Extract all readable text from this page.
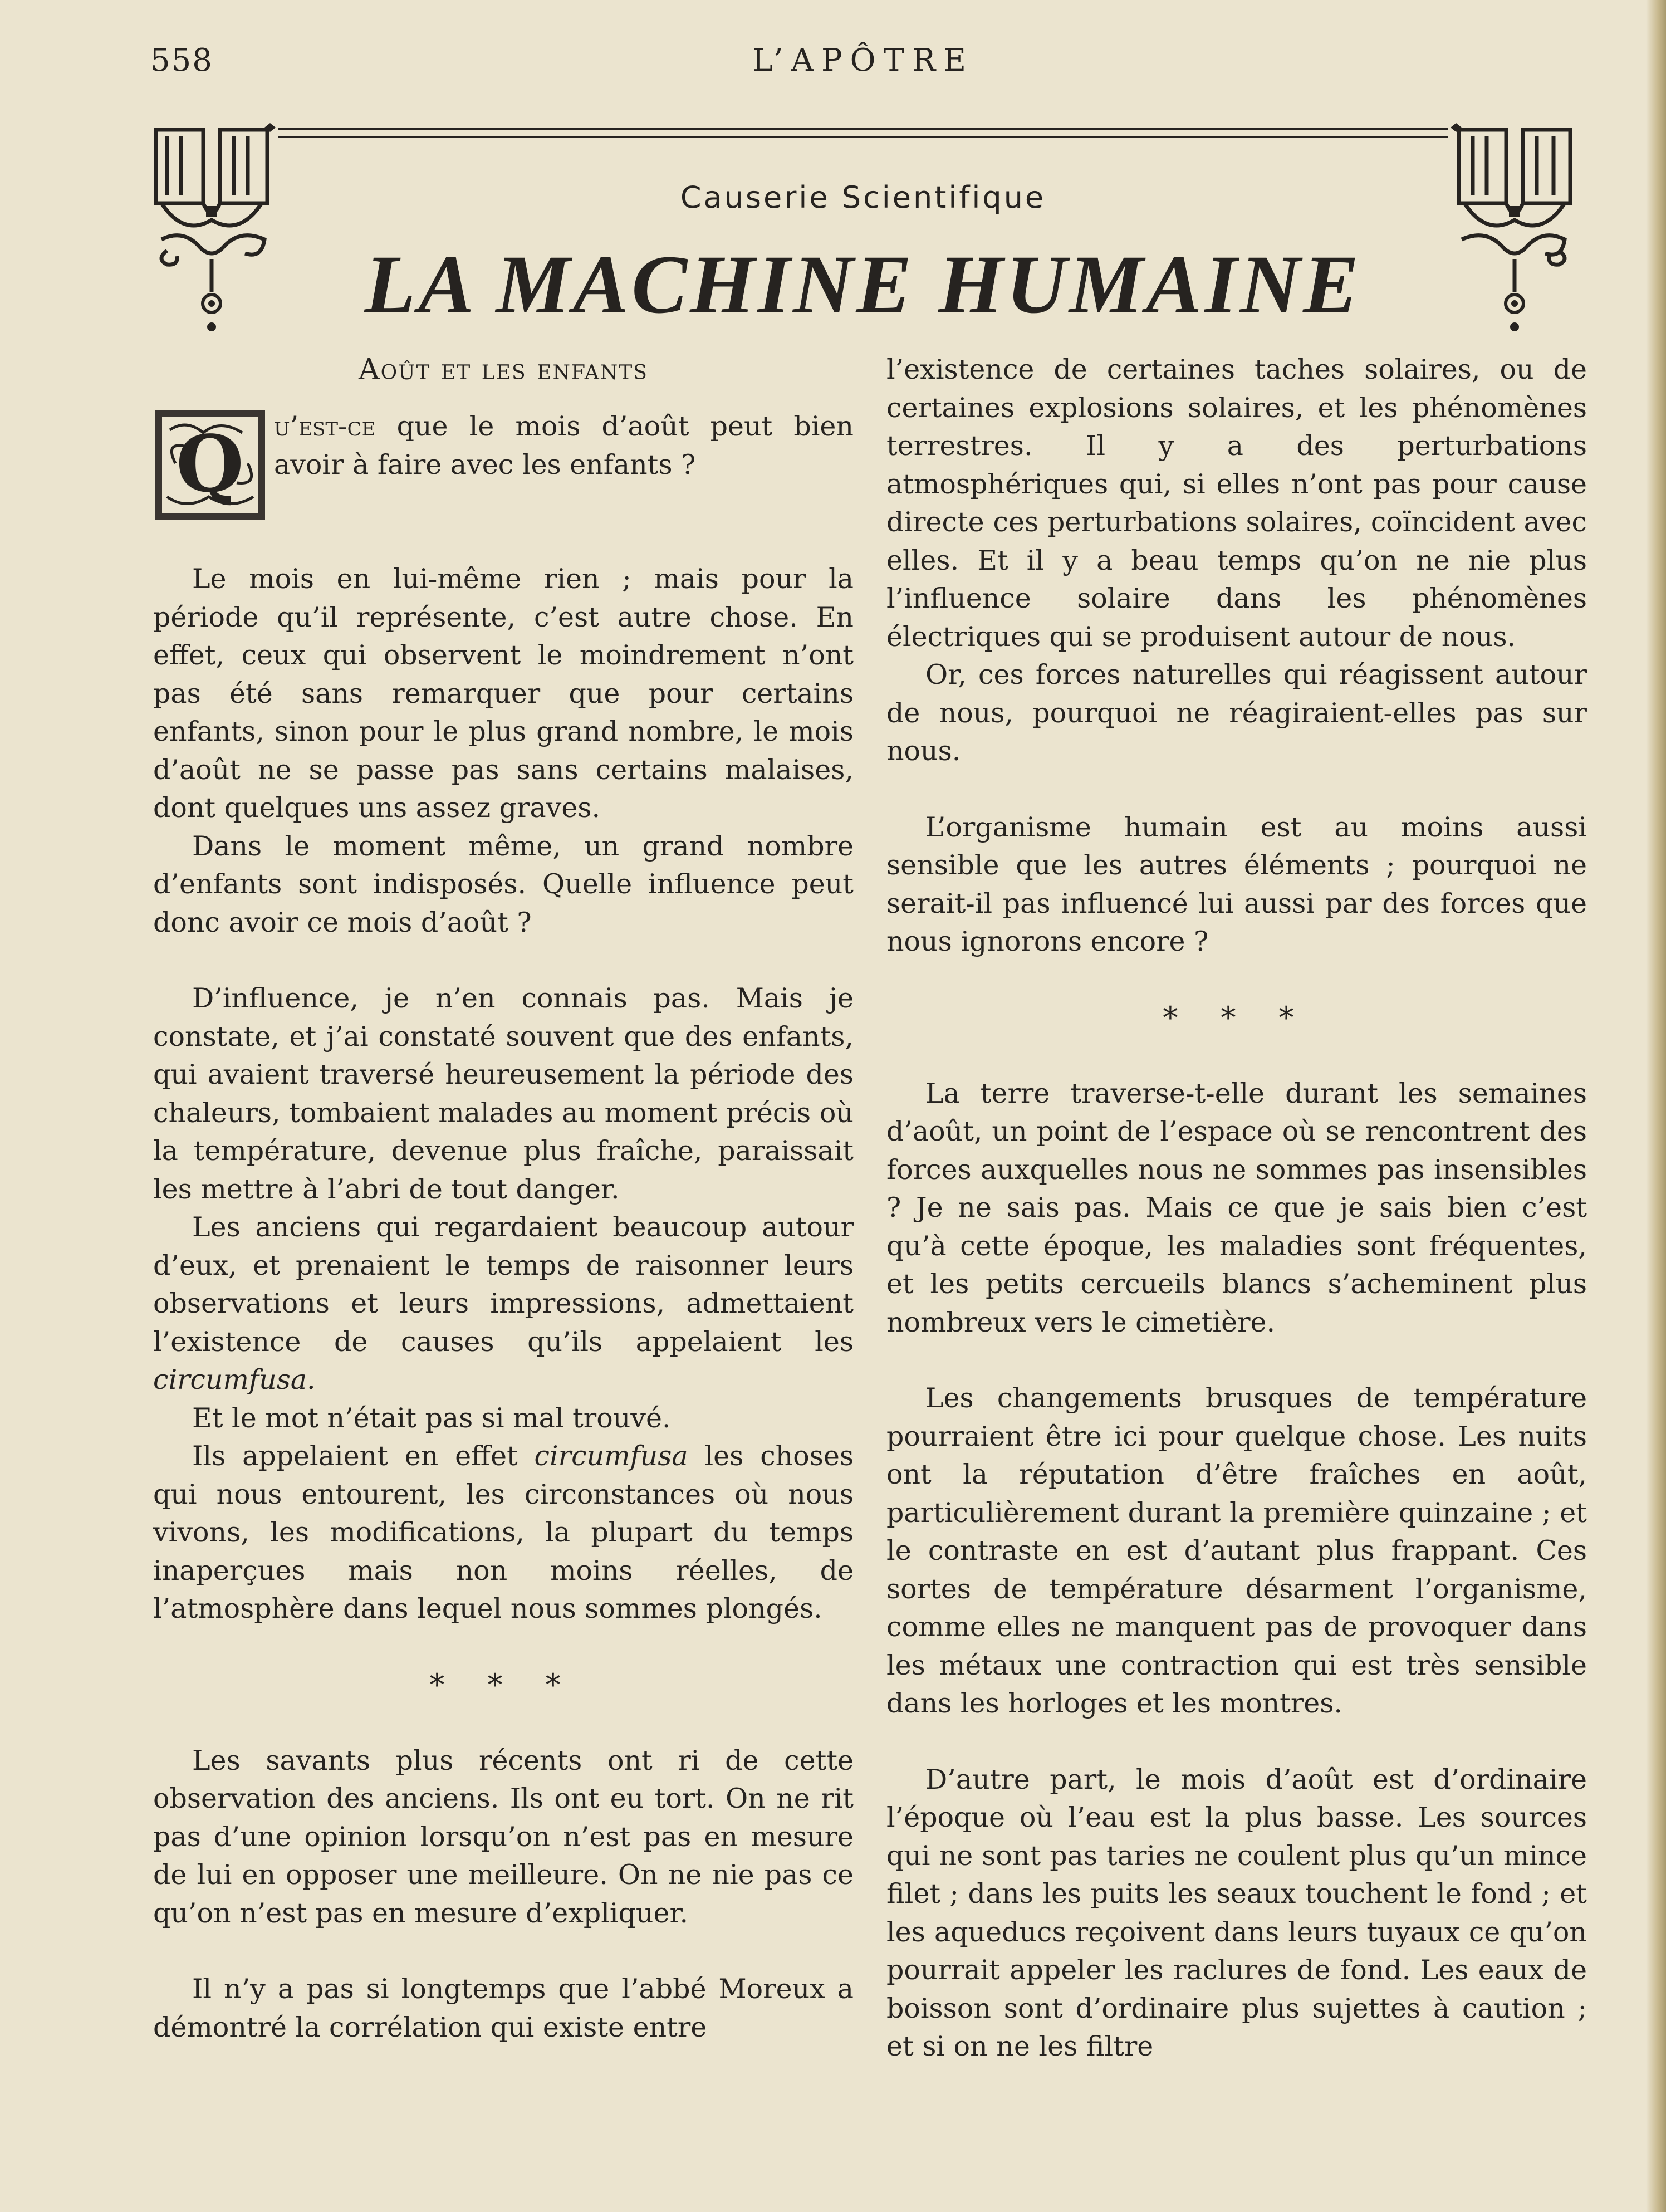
558	L’APÔTRE
Causerie Scientifique
LA MACHINE HUMAINE
Août et les enfants
Q	u’est-ce que le mois d’août peut bien avoir à faire avec les enfants ?

Le mois en lui-même rien ; mais pour la période qu’il représente, c’est autre chose. En effet, ceux qui observent le moindrement n’ont pas été sans remarquer que pour certains enfants, sinon pour le plus grand nombre, le mois d’août ne se passe pas sans certains malaises, dont quelques uns assez graves.

Dans le moment même, un grand nombre d’enfants sont indisposés. Quelle influence peut donc avoir ce mois d’août ?

D’influence, je n’en connais pas. Mais je constate, et j’ai constaté souvent que des enfants, qui avaient traversé heureusement la période des chaleurs, tombaient malades au moment précis où la température, devenue plus fraîche, paraissait les mettre à l’abri de tout danger.

Les anciens qui regardaient beaucoup autour d’eux, et prenaient le temps de raisonner leurs observations et leurs impressions, admettaient l’existence de causes qu’ils appelaient les circumfusa.

Et le mot n’était pas si mal trouvé.

Ils appelaient en effet circumfusa les choses qui nous entourent, les circonstances où nous vivons, les modifications, la plupart du temps inaperçues mais non moins réelles, de l’atmosphère dans lequel nous sommes plongés.

* * *

Les savants plus récents ont ri de cette observation des anciens. Ils ont eu tort. On ne rit pas d’une opinion lorsqu’on n’est pas en mesure de lui en opposer une meilleure. On ne nie pas ce qu’on n’est pas en mesure d’expliquer.

Il n’y a pas si longtemps que l’abbé Moreux a démontré la corrélation qui existe entre

l’existence de certaines taches solaires, ou de certaines explosions solaires, et les phénomènes terrestres. Il y a des perturbations atmosphériques qui, si elles n’ont pas pour cause directe ces perturbations solaires, coïncident avec elles. Et il y a beau temps qu’on ne nie plus l’influence solaire dans les phénomènes électriques qui se produisent autour de nous.

Or, ces forces naturelles qui réagissent autour de nous, pourquoi ne réagiraient-elles pas sur nous.

L’organisme humain est au moins aussi sensible que les autres éléments ; pourquoi ne serait-il pas influencé lui aussi par des forces que nous ignorons encore ?

* * *

La terre traverse-t-elle durant les semaines d’août, un point de l’espace où se rencontrent des forces auxquelles nous ne sommes pas insensibles ? Je ne sais pas. Mais ce que je sais bien c’est qu’à cette époque, les maladies sont fréquentes, et les petits cercueils blancs s’acheminent plus nombreux vers le cimetière.

Les changements brusques de température pourraient être ici pour quelque chose. Les nuits ont la réputation d’être fraîches en août, particulièrement durant la première quinzaine ; et le contraste en est d’autant plus frappant. Ces sortes de température désarment l’organisme, comme elles ne manquent pas de provoquer dans les métaux une contraction qui est très sensible dans les horloges et les montres.

D’autre part, le mois d’août est d’ordinaire l’époque où l’eau est la plus basse. Les sources qui ne sont pas taries ne coulent plus qu’un mince filet ; dans les puits les seaux touchent le fond ; et les aqueducs reçoivent dans leurs tuyaux ce qu’on pourrait appeler les raclures de fond. Les eaux de boisson sont d’ordinaire plus sujettes à caution ; et si on ne les filtre
